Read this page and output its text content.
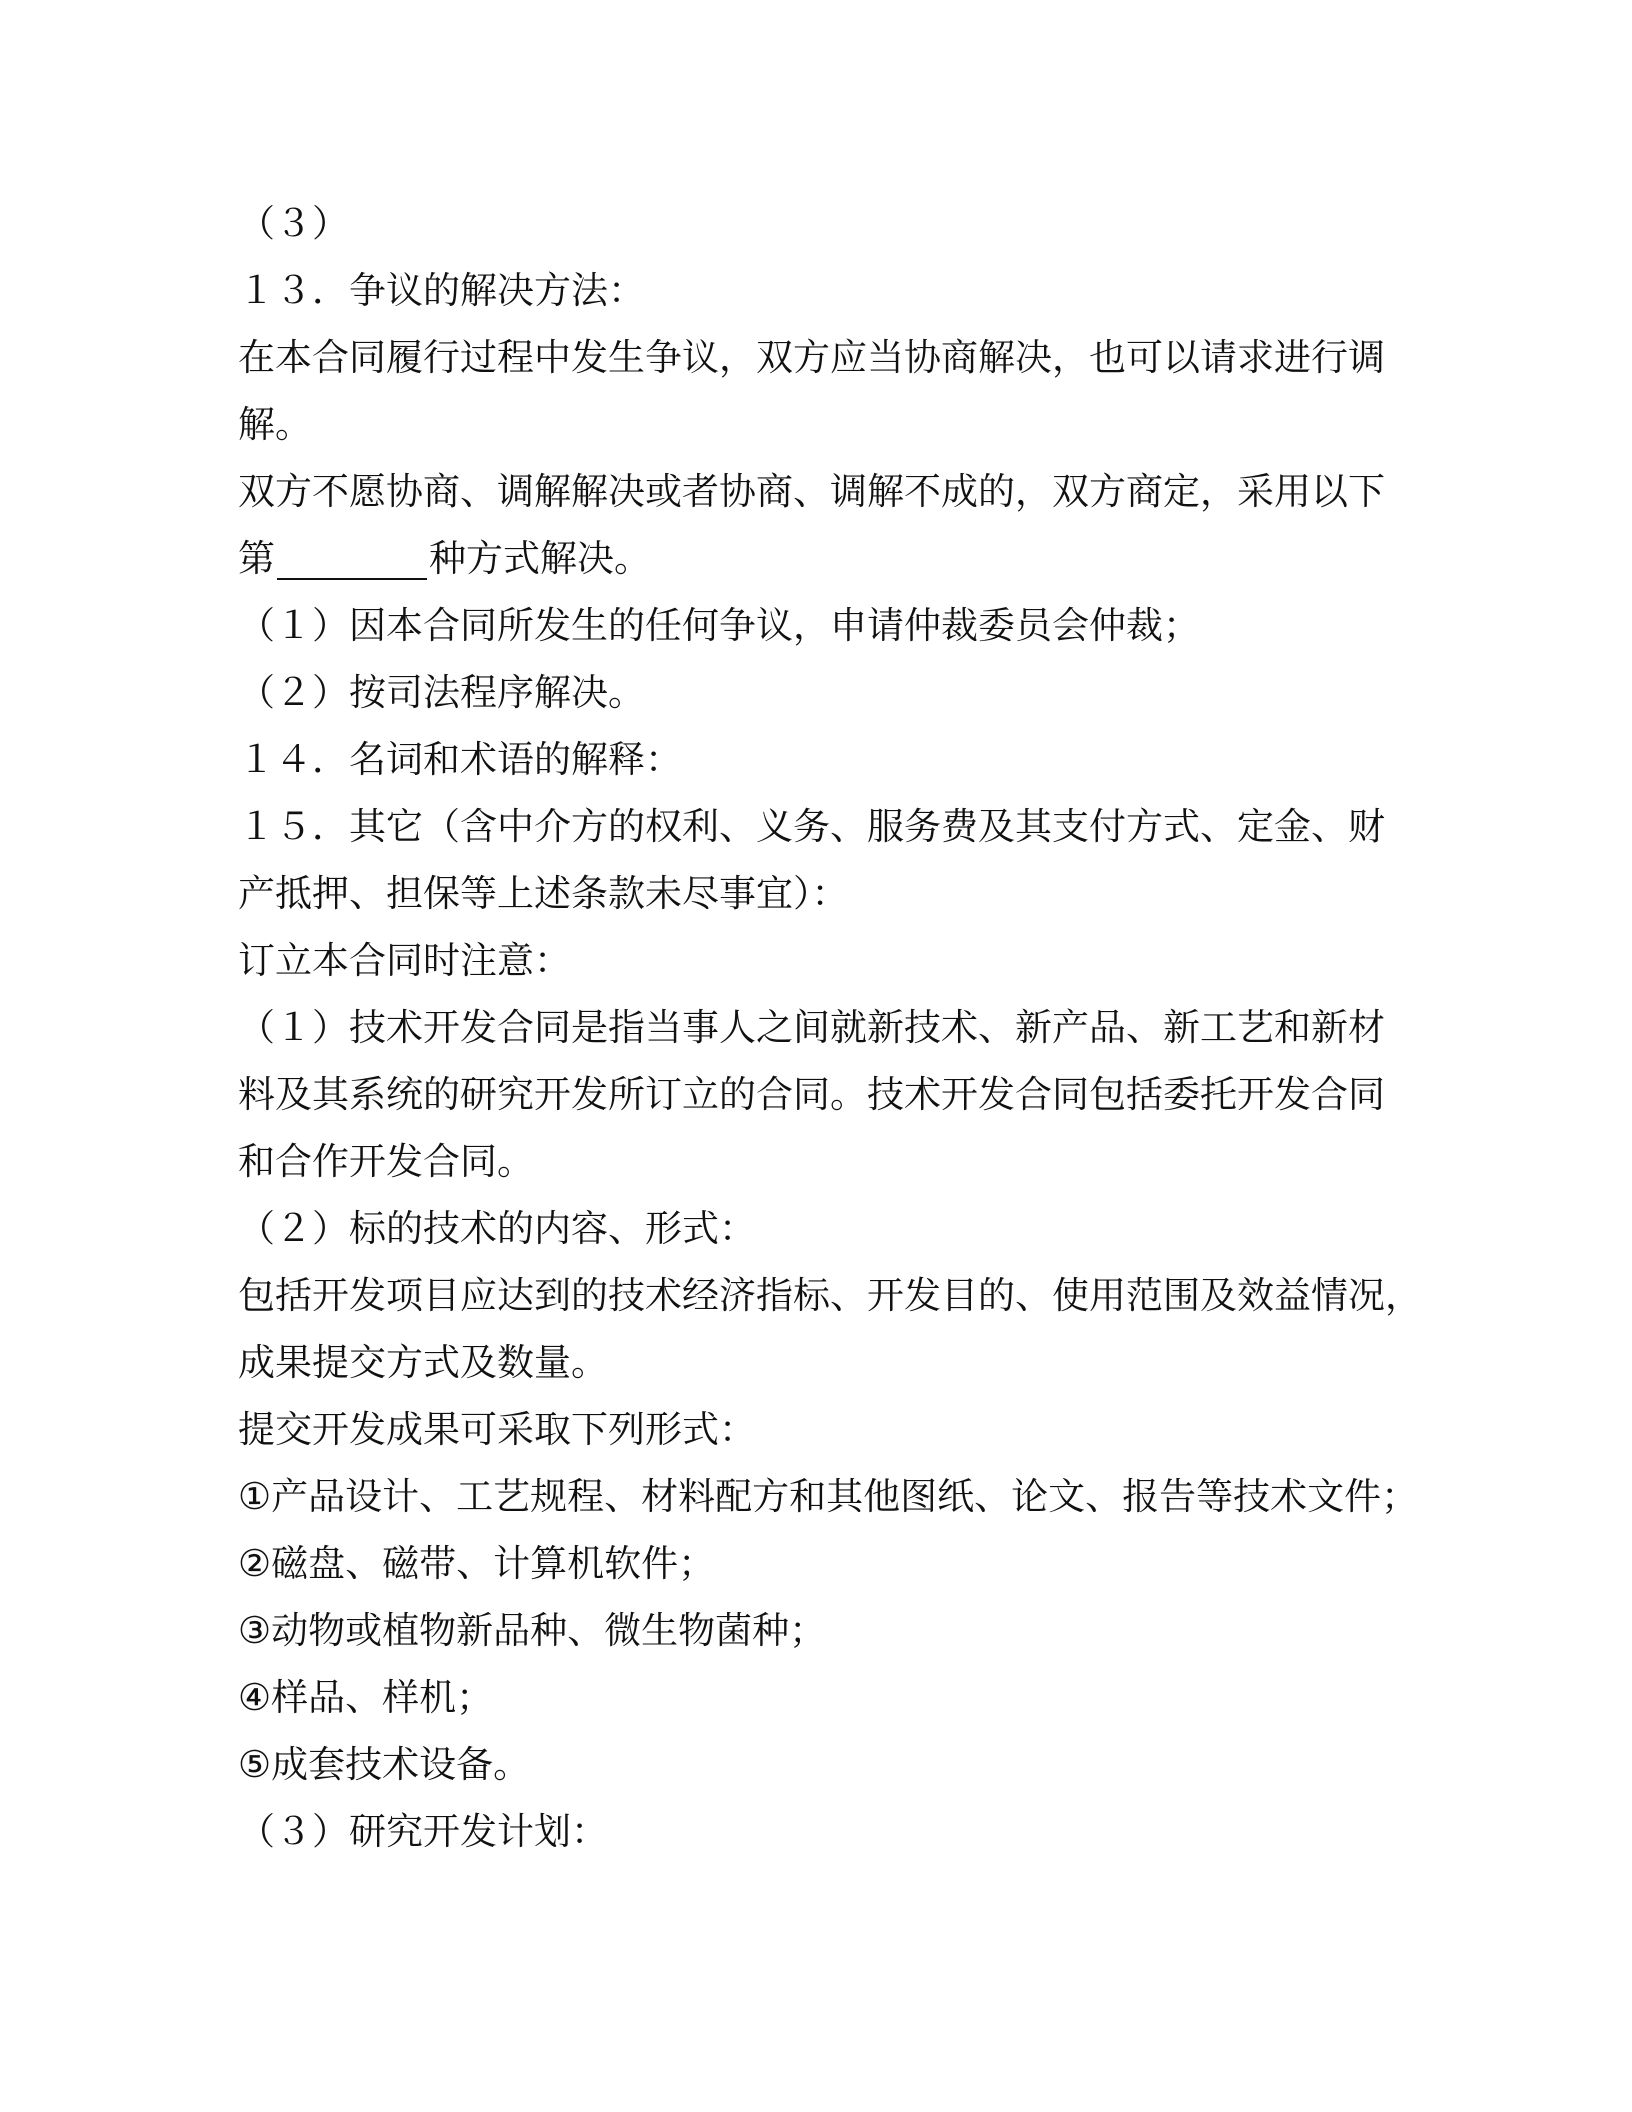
（３）
１３．争议的解决方法：
在本合同履行过程中发生争议，双方应当协商解决，也可以请求进行调
解。
双方不愿协商、调解解决或者协商、调解不成的，双方商定，采用以下
第	种方式解决。
（１）因本合同所发生的任何争议，申请仲裁委员会仲裁；
（２）按司法程序解决。
１４．名词和术语的解释：
１５．其它（含中介方的权利、义务、服务费及其支付方式、定金、财
产抵押、担保等上述条款未尽事宜）：
订立本合同时注意：
（１）技术开发合同是指当事人之间就新技术、新产品、新工艺和新材
料及其系统的研究开发所订立的合同。技术开发合同包括委托开发合同
和合作开发合同。
（２）标的技术的内容、形式：
包括开发项目应达到的技术经济指标、开发目的、使用范围及效益情况，
成果提交方式及数量。
提交开发成果可采取下列形式：
①产品设计、工艺规程、材料配方和其他图纸、论文、报告等技术文件；
②磁盘、磁带、计算机软件；
③动物或植物新品种、微生物菌种；
④样品、样机；
⑤成套技术设备。
（３）研究开发计划：
